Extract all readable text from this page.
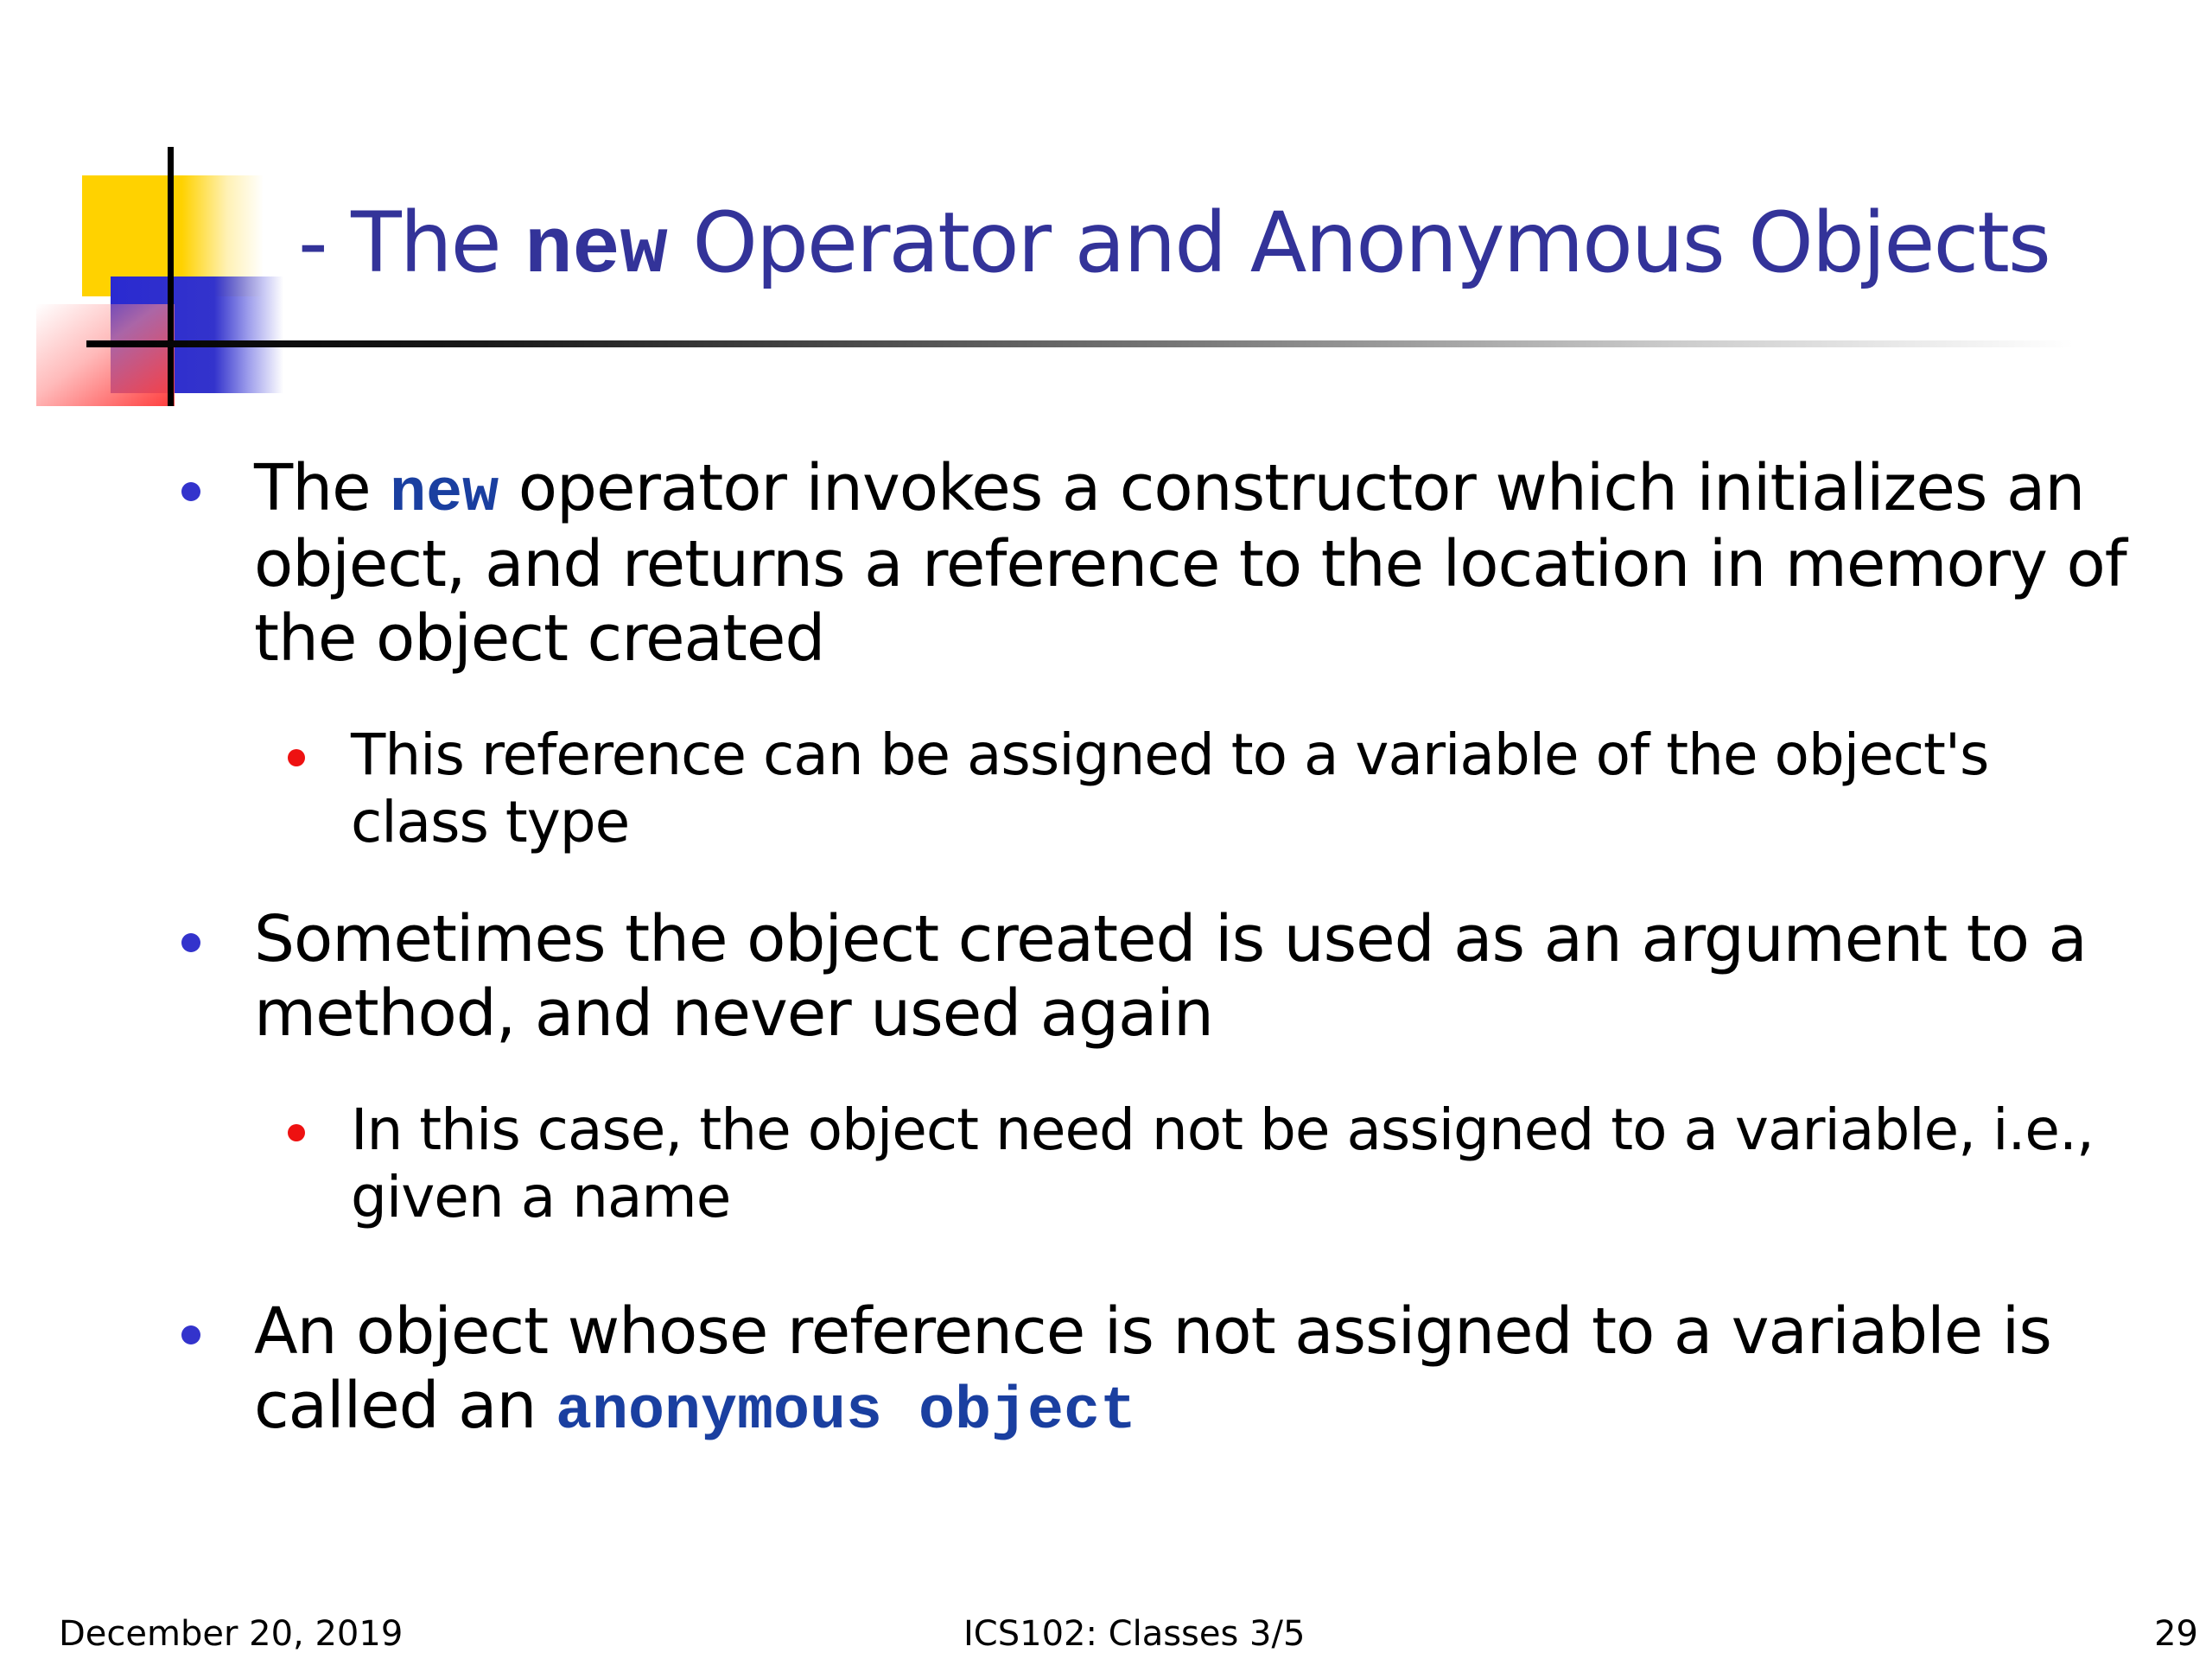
- The new Operator and Anonymous Objects

The new operator invokes a constructor which initializes an

object, and returns a reference to the location in memory of

the object created

This reference can be assigned to a variable of the object's

class type

Sometimes the object created is used as an argument to a

method, and never used again

In this case, the object need not be assigned to a variable, i.e.,

given a name

An object whose reference is not assigned to a variable is

called an anonymous object

December 20, 2019	ICS102: Classes 3/5	29
